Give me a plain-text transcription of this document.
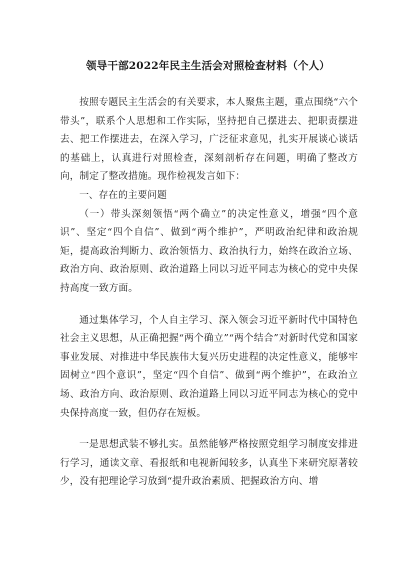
领导干部2022年民主生活会对照检查材料（个人）

按照专题民主生活会的有关要求，本人聚焦主题，重点围绕“六个带头”，联系个人思想和工作实际，坚持把自己摆进去、把职责摆进去、把工作摆进去，在深入学习，广泛征求意见，扎实开展谈心谈话的基础上，认真进行对照检查，深刻剖析存在问题，明确了整改方向，制定了整改措施。现作检视发言如下：

一、存在的主要问题

（一）带头深刻领悟“两个确立”的决定性意义，增强“四个意识”、坚定“四个自信”、做到“两个维护”，严明政治纪律和政治规矩，提高政治判断力、政治领悟力、政治执行力，始终在政治立场、政治方向、政治原则、政治道路上同以习近平同志为核心的党中央保持高度一致方面。

通过集体学习，个人自主学习、深入领会习近平新时代中国特色社会主义思想，从正确把握“两个确立”“两个结合”对新时代党和国家事业发展、对推进中华民族伟大复兴历史进程的决定性意义，能够牢固树立“四个意识”，坚定“四个自信”、做到“两个维护”，在政治立场、政治方向、政治原则、政治道路上同以习近平同志为核心的党中央保持高度一致，但仍存在短板。

一是思想武装不够扎实。虽然能够严格按照党组学习制度安排进行学习，通读文章、看报纸和电视新闻较多，认真坐下来研究原著较少，没有把理论学习放到“提升政治素质、把握政治方向、增
